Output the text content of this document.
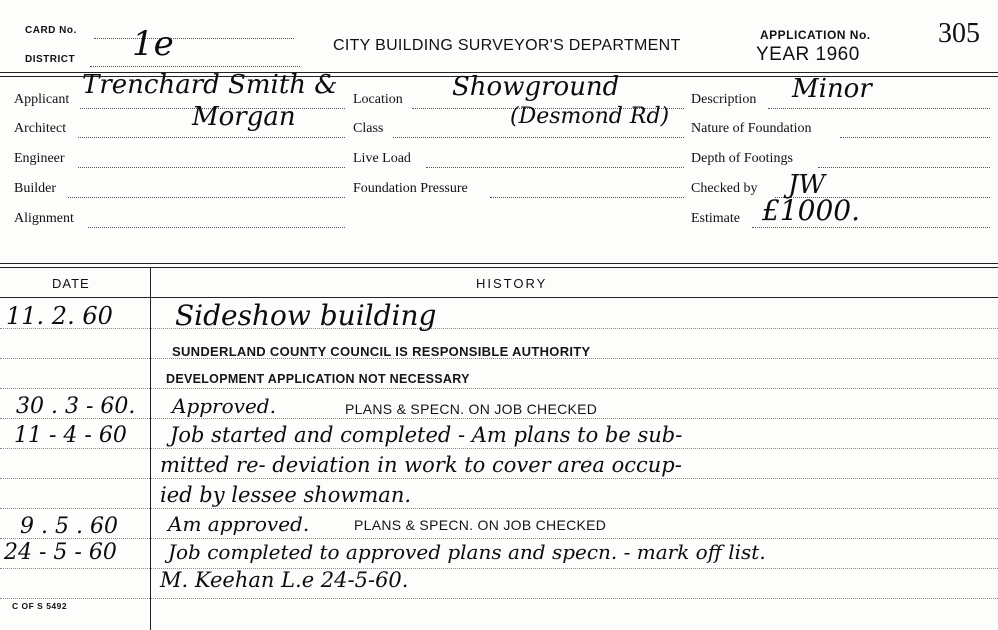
CARD No.
DISTRICT 1e	CITY BUILDING SURVEYOR'S DEPARTMENT
APPLICATION No.
YEAR 1960
305
Applicant Trenchard Smith &
Architect	Morgan
Engineer
Builder
Alignment
Location Showground
Class	(Desmond Rd)
Live Load
Foundation Pressure
Description Minor
Nature of Foundation
Depth of Footings
Checked by JW
Estimate £1000.
DATE	HISTORY
11. 2. 60 Sideshow building
SUNDERLAND COUNTY COUNCIL IS RESPONSIBLE AUTHORITY
DEVELOPMENT APPLICATION NOT NECESSARY
30 . 3 - 60. Approved.	PLANS & SPECN. ON JOB CHECKED
11 - 4 - 60 Job started and completed - Am plans to be sub-
mitted re- deviation in work to cover area occup-
ied by lessee showman.
9 . 5 . 60	Am approved.	PLANS & SPECN. ON JOB CHECKED
24 - 5 - 60	Job completed to approved plans and specn. - mark off list.
M. Keehan L.e 24-5-60.
C OF S 5492
